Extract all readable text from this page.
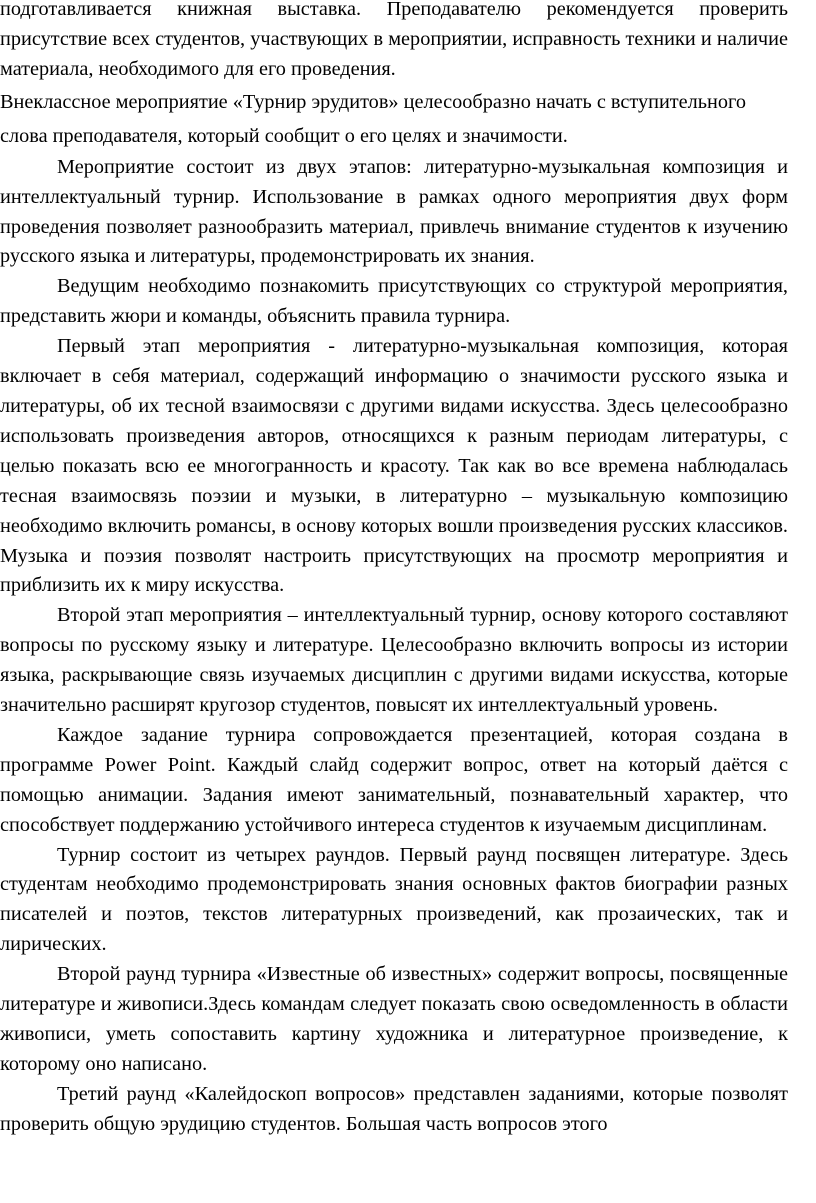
подготавливается книжная выставка. Преподавателю рекомендуется проверить присутствие всех студентов, участвующих в мероприятии, исправность техники и наличие материала, необходимого для его проведения.

Внеклассное мероприятие «Турнир эрудитов» целесообразно начать с вступительного слова преподавателя, который сообщит о его целях и значимости.

Мероприятие состоит из двух этапов: литературно-музыкальная композиция и интеллектуальный турнир. Использование в рамках одного мероприятия двух форм проведения позволяет разнообразить материал, привлечь внимание студентов к изучению русского языка и литературы, продемонстрировать их знания.

Ведущим необходимо познакомить присутствующих со структурой мероприятия, представить жюри и команды, объяснить правила турнира.

Первый этап мероприятия - литературно-музыкальная композиция, которая включает в себя материал, содержащий информацию о значимости русского языка и литературы, об их тесной взаимосвязи с другими видами искусства. Здесь целесообразно использовать произведения авторов, относящихся к разным периодам литературы, с целью показать всю ее многогранность и красоту. Так как во все времена наблюдалась тесная взаимосвязь поэзии и музыки, в литературно – музыкальную композицию необходимо включить романсы, в основу которых вошли произведения русских классиков. Музыка и поэзия позволят настроить присутствующих на просмотр мероприятия и приблизить их к миру искусства.

Второй этап мероприятия – интеллектуальный турнир, основу которого составляют вопросы по русскому языку и литературе. Целесообразно включить вопросы из истории языка, раскрывающие связь изучаемых дисциплин с другими видами искусства, которые значительно расширят кругозор студентов, повысят их интеллектуальный уровень.

Каждое задание турнира сопровождается презентацией, которая создана в программе Power Point. Каждый слайд содержит вопрос, ответ на который даётся с помощью анимации. Задания имеют занимательный, познавательный характер, что способствует поддержанию устойчивого интереса студентов к изучаемым дисциплинам.

Турнир состоит из четырех раундов. Первый раунд посвящен литературе. Здесь студентам необходимо продемонстрировать знания основных фактов биографии разных писателей и поэтов, текстов литературных произведений, как прозаических, так и лирических.

Второй раунд турнира «Известные об известных» содержит вопросы, посвященные литературе и живописи.Здесь командам следует показать свою осведомленность в области живописи, уметь сопоставить картину художника и литературное произведение, к которому оно написано.

Третий раунд «Калейдоскоп вопросов» представлен заданиями, которые позволят проверить общую эрудицию студентов. Большая часть вопросов этого
